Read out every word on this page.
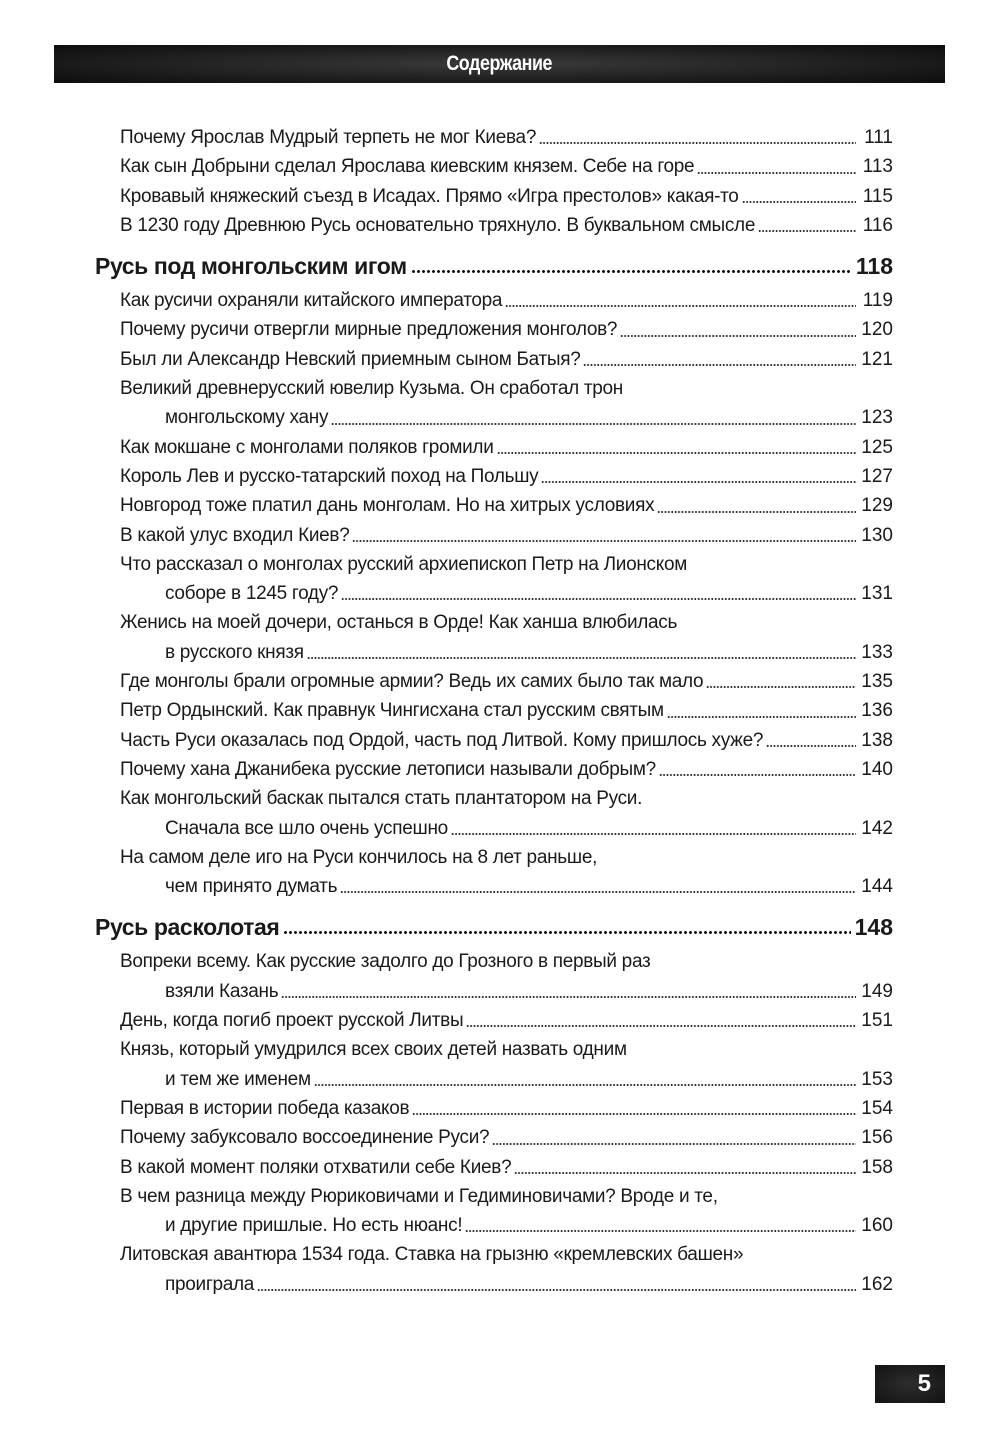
Содержание
Почему Ярослав Мудрый терпеть не мог Киева?	111
Как сын Добрыни сделал Ярослава киевским князем. Себе на горе	113
Кровавый княжеский съезд в Исадах. Прямо «Игра престолов» какая-то	115
В 1230 году Древнюю Русь основательно тряхнуло. В буквальном смысле	116
Русь под монгольским игом	118
Как русичи охраняли китайского императора	119
Почему русичи отвергли мирные предложения монголов?	120
Был ли Александр Невский приемным сыном Батыя?	121
Великий древнерусский ювелир Кузьма. Он сработал трон
монгольскому хану	123
Как мокшане с монголами поляков громили	125
Король Лев и русско-татарский поход на Польшу	127
Новгород тоже платил дань монголам. Но на хитрых условиях	129
В какой улус входил Киев?	130
Что рассказал о монголах русский архиепископ Петр на Лионском
соборе в 1245 году?	131
Женись на моей дочери, останься в Орде! Как ханша влюбилась
в русского князя	133
Где монголы брали огромные армии? Ведь их самих было так мало	135
Петр Ордынский. Как правнук Чингисхана стал русским святым	136
Часть Руси оказалась под Ордой, часть под Литвой. Кому пришлось хуже?	138
Почему хана Джанибека русские летописи называли добрым?	140
Как монгольский баскак пытался стать плантатором на Руси.
Сначала все шло очень успешно	142
На самом деле иго на Руси кончилось на 8 лет раньше,
чем принято думать	144
Русь расколотая	148
Вопреки всему. Как русские задолго до Грозного в первый раз
взяли Казань	149
День, когда погиб проект русской Литвы	151
Князь, который умудрился всех своих детей назвать одним
и тем же именем	153
Первая в истории победа казаков	154
Почему забуксовало воссоединение Руси?	156
В какой момент поляки отхватили себе Киев?	158
В чем разница между Рюриковичами и Гедиминовичами? Вроде и те,
и другие пришлые. Но есть нюанс!	160
Литовская авантюра 1534 года. Ставка на грызню «кремлевских башен»
проиграла	162
5
